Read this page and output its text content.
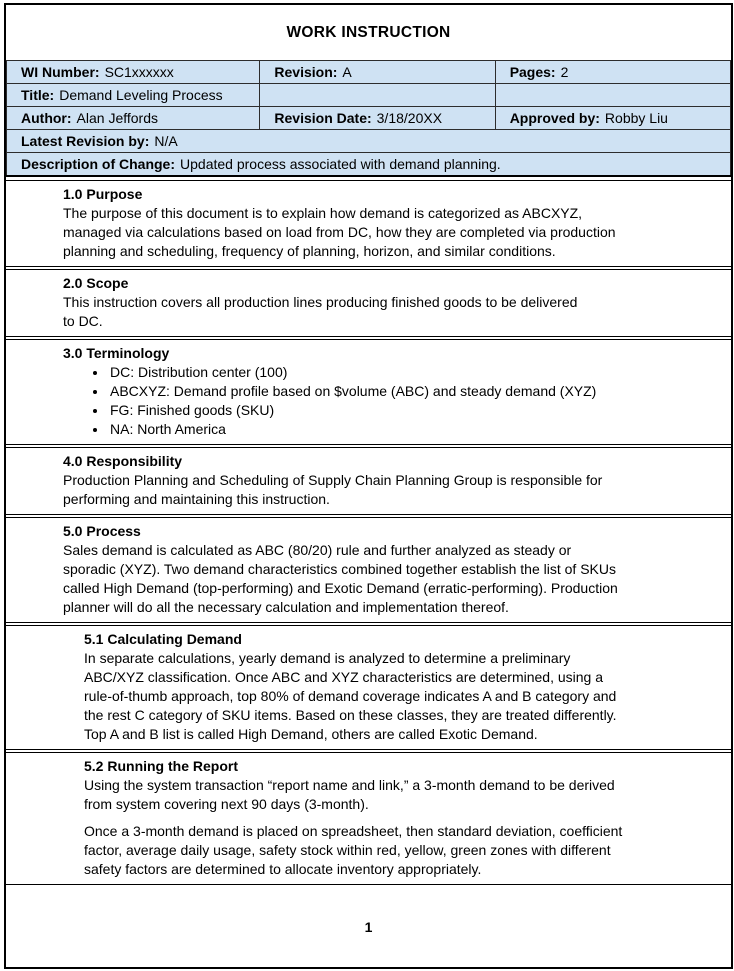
WORK INSTRUCTION
WI Number: SC1xxxxxx	Revision: A	Pages: 2
Title: Demand Leveling Process		
Author: Alan Jeffords	Revision Date: 3/18/20XX	Approved by: Robby Liu
Latest Revision by: N/A		
Description of Change: Updated process associated with demand planning.		
1.0 Purpose
The purpose of this document is to explain how demand is categorized as ABCXYZ,
managed via calculations based on load from DC, how they are completed via production
planning and scheduling, frequency of planning, horizon, and similar conditions.
2.0 Scope
This instruction covers all production lines producing finished goods to be delivered
to DC.
3.0 Terminology
• DC: Distribution center (100)
• ABCXYZ: Demand profile based on $volume (ABC) and steady demand (XYZ)
• FG: Finished goods (SKU)
• NA: North America
4.0 Responsibility
Production Planning and Scheduling of Supply Chain Planning Group is responsible for
performing and maintaining this instruction.
5.0 Process
Sales demand is calculated as ABC (80/20) rule and further analyzed as steady or
sporadic (XYZ). Two demand characteristics combined together establish the list of SKUs
called High Demand (top-performing) and Exotic Demand (erratic-performing). Production
planner will do all the necessary calculation and implementation thereof.
5.1 Calculating Demand
In separate calculations, yearly demand is analyzed to determine a preliminary
ABC/XYZ classification. Once ABC and XYZ characteristics are determined, using a
rule-of-thumb approach, top 80% of demand coverage indicates A and B category and
the rest C category of SKU items. Based on these classes, they are treated differently.
Top A and B list is called High Demand, others are called Exotic Demand.
5.2 Running the Report
Using the system transaction “report name and link,” a 3-month demand to be derived
from system covering next 90 days (3-month).
Once a 3-month demand is placed on spreadsheet, then standard deviation, coefficient
factor, average daily usage, safety stock within red, yellow, green zones with different
safety factors are determined to allocate inventory appropriately.
1
